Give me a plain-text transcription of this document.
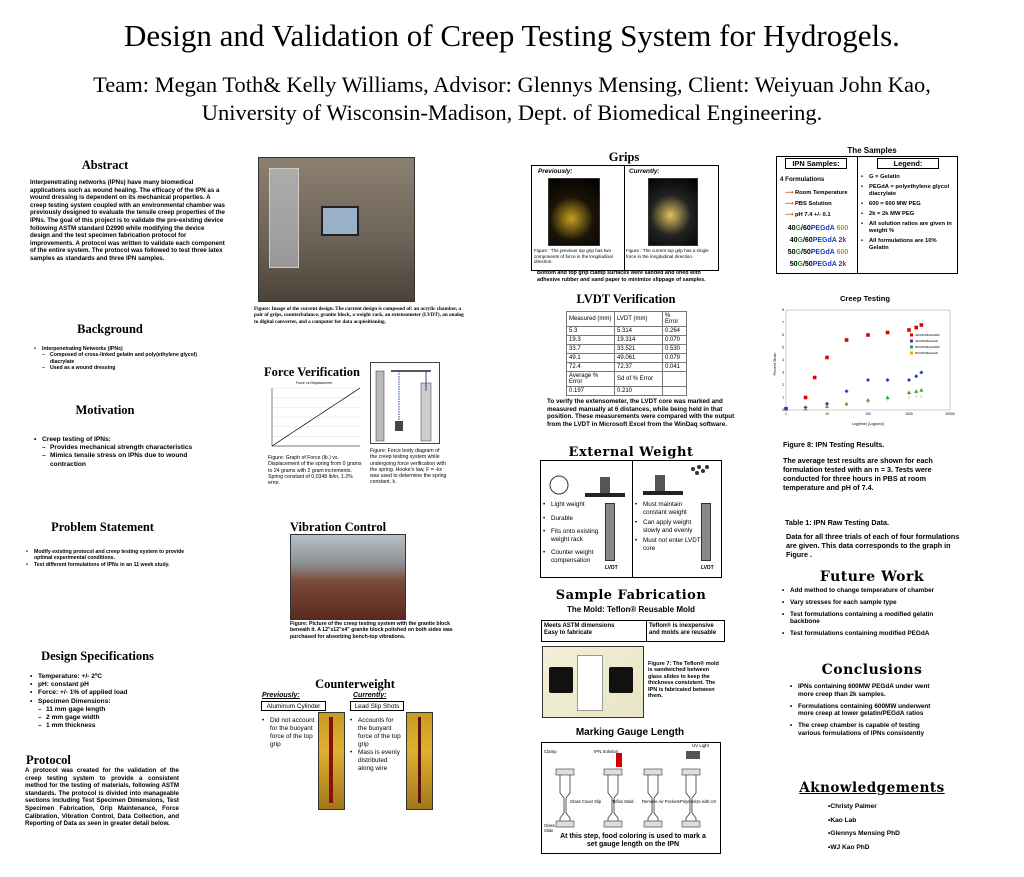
Design and Validation of Creep Testing System for Hydrogels.
Team: Megan Toth& Kelly Williams, Advisor: Glennys Mensing, Client: Weiyuan John Kao,
University of Wisconsin-Madison, Dept. of Biomedical Engineering.
Abstract
Interpenetrating networks (IPNs) have many biomedical applications such as wound healing. The efficacy of the IPN as a wound dressing is dependent on its mechanical properties. A creep testing system coupled with an environmental chamber was previously designed to evaluate the tensile creep properties of the IPNs. The goal of this project is to validate the pre-existing device following ASTM standard D2990 while modifying the device design and the test specimen fabrication protocol for improvements. A protocol was written to validate each component of the entire system. The protocol was followed to test three latex samples as standards and three IPN samples.
Background
• Interpenetrating Networks (IPNs)
– Composed of cross-linked gelatin and poly(ethylene glycol) diacrylate
– Used as a wound dressing
Motivation
• Creep testing of IPNs:
– Provides mechanical strength characteristics
– Mimics tensile stress on IPNs due to wound contraction
Problem Statement
• Modify existing protocol and creep testing system to provide optimal experimental conditions.
• Test different formulations of IPNs in an 11 week study.
Design Specifications
• Temperature: +/- 2ºC
• pH: constant pH
• Force: +/- 1% of applied load
• Specimen Dimensions:
– 11 mm gage length
– 2 mm gage width
– 1 mm thickness
Protocol
A protocol was created for the validation of the creep testing system to provide a consistent method for the testing of materials, following ASTM standards. The protocol is divided into manageable sections including Test Specimen Dimensions, Test Specimen Fabrication, Grip Maintenance, Force Calibration, Vibration Control, Data Collection, and Reporting of Data as seen in greater detail below.
Figure: Image of the current design. The current design is composed of: an acrylic chamber, a pair of grips, counterbalance, granite block, a weight rack, an extensometer (LVDT), an analog to digital converter, and a computer for data acquisitioning.
Force Verification
Force vs Displacement
Figure: Graph of Force (lb.) vs. Displacement of the spring from 0 grams to 24 grams with 2 gram increments. Spring constant of 0.0348 lb/in, 1.2% error.
Figure: Force body diagram of the creep testing system while undergoing force verification with the spring. Hooke's law, F = -kx was used to determine the spring constant, k.
Vibration Control
Figure: Picture of the creep testing system with the granite block beneath it. A 12"x12"x4" granite block polished on both sides was purchased for absorbing bench-top vibrations.
Counterweight
Previously:	Currently:
Aluminum Cylinder	Lead Slip Shots
• Did not account for the buoyant force of the top grip
• Accounts for the buoyant force of the top grip
• Mass is evenly distributed along wire
Grips
Previously:	Currently:
Figure : The previous top grip has two components of force in the longitudinal direction.
Figure : The current top grip has a single force in the longitudinal direction.
Bottom and top grip clamp surfaces were sanded and lined with adhesive rubber and sand paper to minimize slippage of samples.
LVDT Verification
Measured (mm)	LVDT (mm)	% Error
5.3	5.314	0.264
19.3	19.314	0.070
33.7	33.521	0.530
49.1	49.061	0.079
72.4	72.37	0.041
Average % Error	Sd of % Error	
0.197	0.210	
To verify the extensometer, the LVDT core was marked and measured manually at 6 distances, while being held in that position. These measurements were compared with the output from the LVDT in Microsoft Excel from the WinDaq software.
External Weight
• Light weight
• Durable
• Fits onto existing weight rack
• Counter weight compensation
LVDT
• Must maintain constant weight
• Can apply weight slowly and evenly
• Must not enter LVDT core
LVDT
Sample Fabrication
The Mold: Teflon® Reusable Mold
Meets ASTM dimensions
Easy to fabricate
Teflon® is inexpensive and molds are reusable
Figure 7: The Teflon® mold is sandwiched between glass slides to keep the thickness consistent. The IPN is fabricated between them.
Marking Gauge Length
Clamp	IPN Solution
UV Light
Glass Cover Slip	Teflon Mold Remove Air Pockets Polymerize with UV
Glass Slide
At this step, food coloring is used to mark a set gauge length on the IPN
The Samples
IPN Samples:	Legend:
4 Formulations
⟶ Room Temperature
⟶ PBS Solution
⟶ pH 7.4 +/- 0.1
40G/60PEGdA 600
40G/60PEGdA 2k
50G/50PEGdA 600
50G/50PEGdA 2k
• G = Gelatin
• PEGdA = polyethylene glycol diacrylate
• 600 = 600 MW PEG
• 2k = 2k MW PEG
• All solution ratios are given in weight %
• All formulations are 10% Gelatin
Creep Testing
Percent Strain
Log(time) (Log(sec))
0
1
2
3
4
5
6
7
8
1	10	100	1000	10000
×	×	×	×	×	× × ×
40G/60PEGdA600
40G/60PEGdA2k
50G/50PEGdA600
50G/50PEGdA2k
Figure 8: IPN Testing Results.
The average test results are shown for each formulation tested with an n = 3. Tests were conducted for three hours in PBS at room temperature and pH of 7.4.
Table 1: IPN Raw Testing Data.
Data for all three trials of each of four formulations are given. This data corresponds to the graph in Figure .
Future Work
• Add method to change temperature of chamber
• Vary stresses for each sample type
• Test formulations containing a modified gelatin backbone
• Test formulations containing modified PEGdA
Conclusions
• IPNs containing 600MW PEGdA under went more creep than 2k samples.
• Formulations containing 600MW underwent more creep at lower gelatin/PEGdA ratios
• The creep chamber is capable of testing various formulations of IPNs consistently
Aknowledgements
•Christy Palmer
•Kao Lab
•Glennys Mensing PhD
•WJ Kao PhD
